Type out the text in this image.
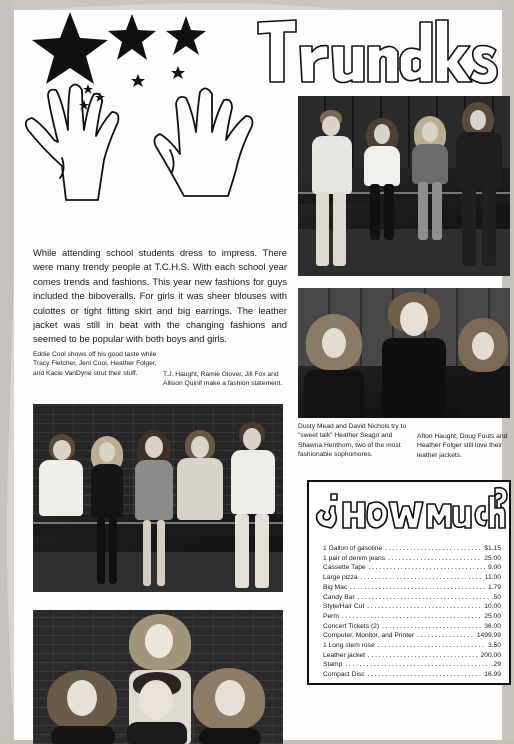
While attending school students dress to impress. There were many trendy people at T.C.H.S. With each school year comes trends and fashions. This year new fashions for guys included the biboveralls. For girls it was sheer blouses with culottes or tight fitting skirt and big earrings. The leather jacket was still in beat with the changing fashions and seemed to be popular with both boys and girls.
Eddie Cool shows off his good taste while Tracy Fletcher, Jeni Cool, Heather Folger, and Kacie VanDyne strut their stuff.	T.J. Haught, Ramie Glover, Jill Fox and Allison Quinif make a fashion statement.
Dusty Mead and David Nichols try to "sweet talk" Heather Seago and Shawna Henthorn, two of the most fashionable sophomores.
Afton Haught, Doug Fouts and Heather Folger still love their leather jackets.
1 Gallon of gasoline .....	$1.15
1 pair of denim jeans .....	25.00
Cassette Tape .....	9.00
Large pizza .....	11.00
Big Mac .....	1.79
Candy Bar .....	.50
Style/Hair Cut .....	10.00
Perm .....	25.00
Concert Tickets (2) .....	36.00
Computer, Monitor, and Printer .....	1499.99
1 Long stem rose .....	3.50
Leather jacket .....	200.00
Stamp .....	.29
Compact Disc .....	16.99
